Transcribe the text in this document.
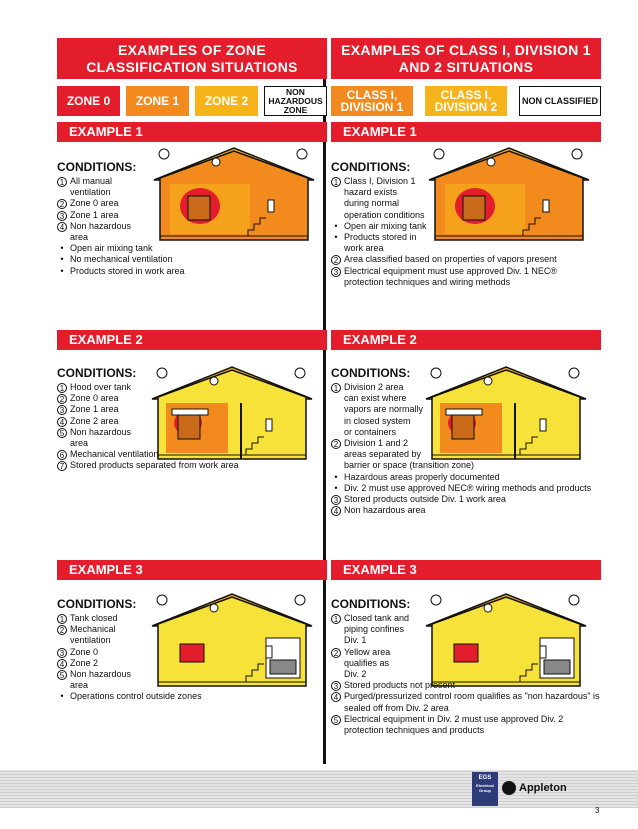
EXAMPLES OF ZONE CLASSIFICATION SITUATIONS
ZONE 0	ZONE 1	ZONE 2
NON HAZARDOUS ZONE
EXAMPLES OF CLASS I, DIVISION 1 AND 2 SITUATIONS
CLASS I, DIVISION 1
CLASS I, DIVISION 2	NON CLASSIFIED
EXAMPLE 1
CONDITIONS:
1 All manual
ventilation
2 Zone 0 area
3 Zone 1 area
4 Non hazardous
area
• Open air mixing tank
• No mechanical ventilation
• Products stored in work area
EXAMPLE 2
CONDITIONS:
1 Hood over tank
2 Zone 0 area
3 Zone 1 area
4 Zone 2 area
5 Non hazardous
area
6 Mechanical ventilation
7 Stored products separated from work area
EXAMPLE 3
CONDITIONS:
1 Tank closed
2 Mechanical
ventilation
3 Zone 0
4 Zone 2
5 Non hazardous
area
• Operations control outside zones
EXAMPLE 1
CONDITIONS:
1 Class I, Division 1
hazard exists
during normal
operation conditions
• Open air mixing tank
• Products stored in
work area
2 Area classified based on properties of vapors present
3 Electrical equipment must use approved Div. 1 NEC®
protection techniques and wiring methods
EXAMPLE 2
CONDITIONS:
1 Division 2 area
can exist where
vapors are normally
in closed system
or containers
2 Division 1 and 2
areas separated by
barrier or space (transition zone)
• Hazardous areas properly documented
• Div. 2 must use approved NEC® wiring methods and products
3 Stored products outside Div. 1 work area
4 Non hazardous area
EXAMPLE 3
CONDITIONS:
1 Closed tank and
piping confines
Div. 1
2 Yellow area
qualifies as
Div. 2
3 Stored products not present
4 Purged/pressurized control room qualifies as "non hazardous" is
sealed off from Div. 2 area
5 Electrical equipment in Div. 2 must use approved Div. 2
protection techniques and products
EGS
Electrical Group	Appleton
3
